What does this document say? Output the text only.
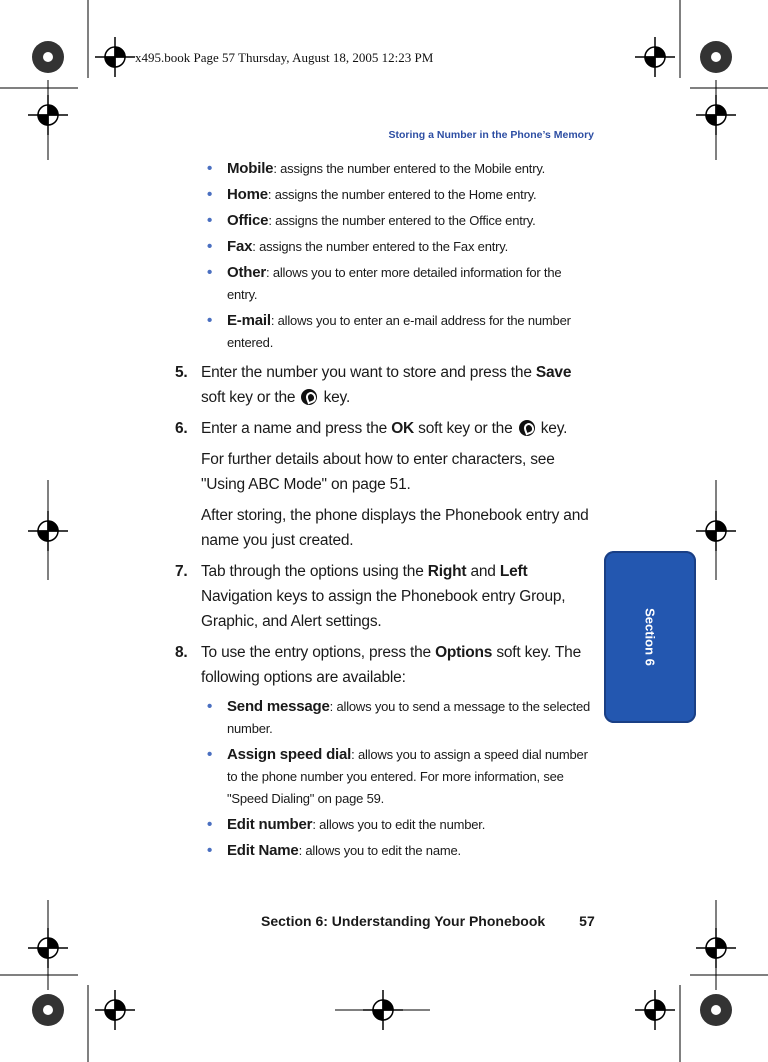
x495.book Page 57 Thursday, August 18, 2005 12:23 PM
Storing a Number in the Phone’s Memory
Section 6
• Mobile: assigns the number entered to the Mobile entry.
• Home: assigns the number entered to the Home entry.
• Office: assigns the number entered to the Office entry.
• Fax: assigns the number entered to the Fax entry.
• Other: allows you to enter more detailed information for the entry.
• E-mail: allows you to enter an e-mail address for the number entered.
5. Enter the number you want to store and press the Save soft key or the  key.
6. Enter a name and press the OK soft key or the  key.
For further details about how to enter characters, see "Using ABC Mode" on page 51.
After storing, the phone displays the Phonebook entry and name you just created.
7. Tab through the options using the Right and Left Navigation keys to assign the Phonebook entry Group, Graphic, and Alert settings.
8. To use the entry options, press the Options soft key. The following options are available:
• Send message: allows you to send a message to the selected number.
• Assign speed dial: allows you to assign a speed dial number to the phone number you entered. For more information, see "Speed Dialing" on page 59.
• Edit number: allows you to edit the number.
• Edit Name: allows you to edit the name.
Section 6: Understanding Your Phonebook 57
